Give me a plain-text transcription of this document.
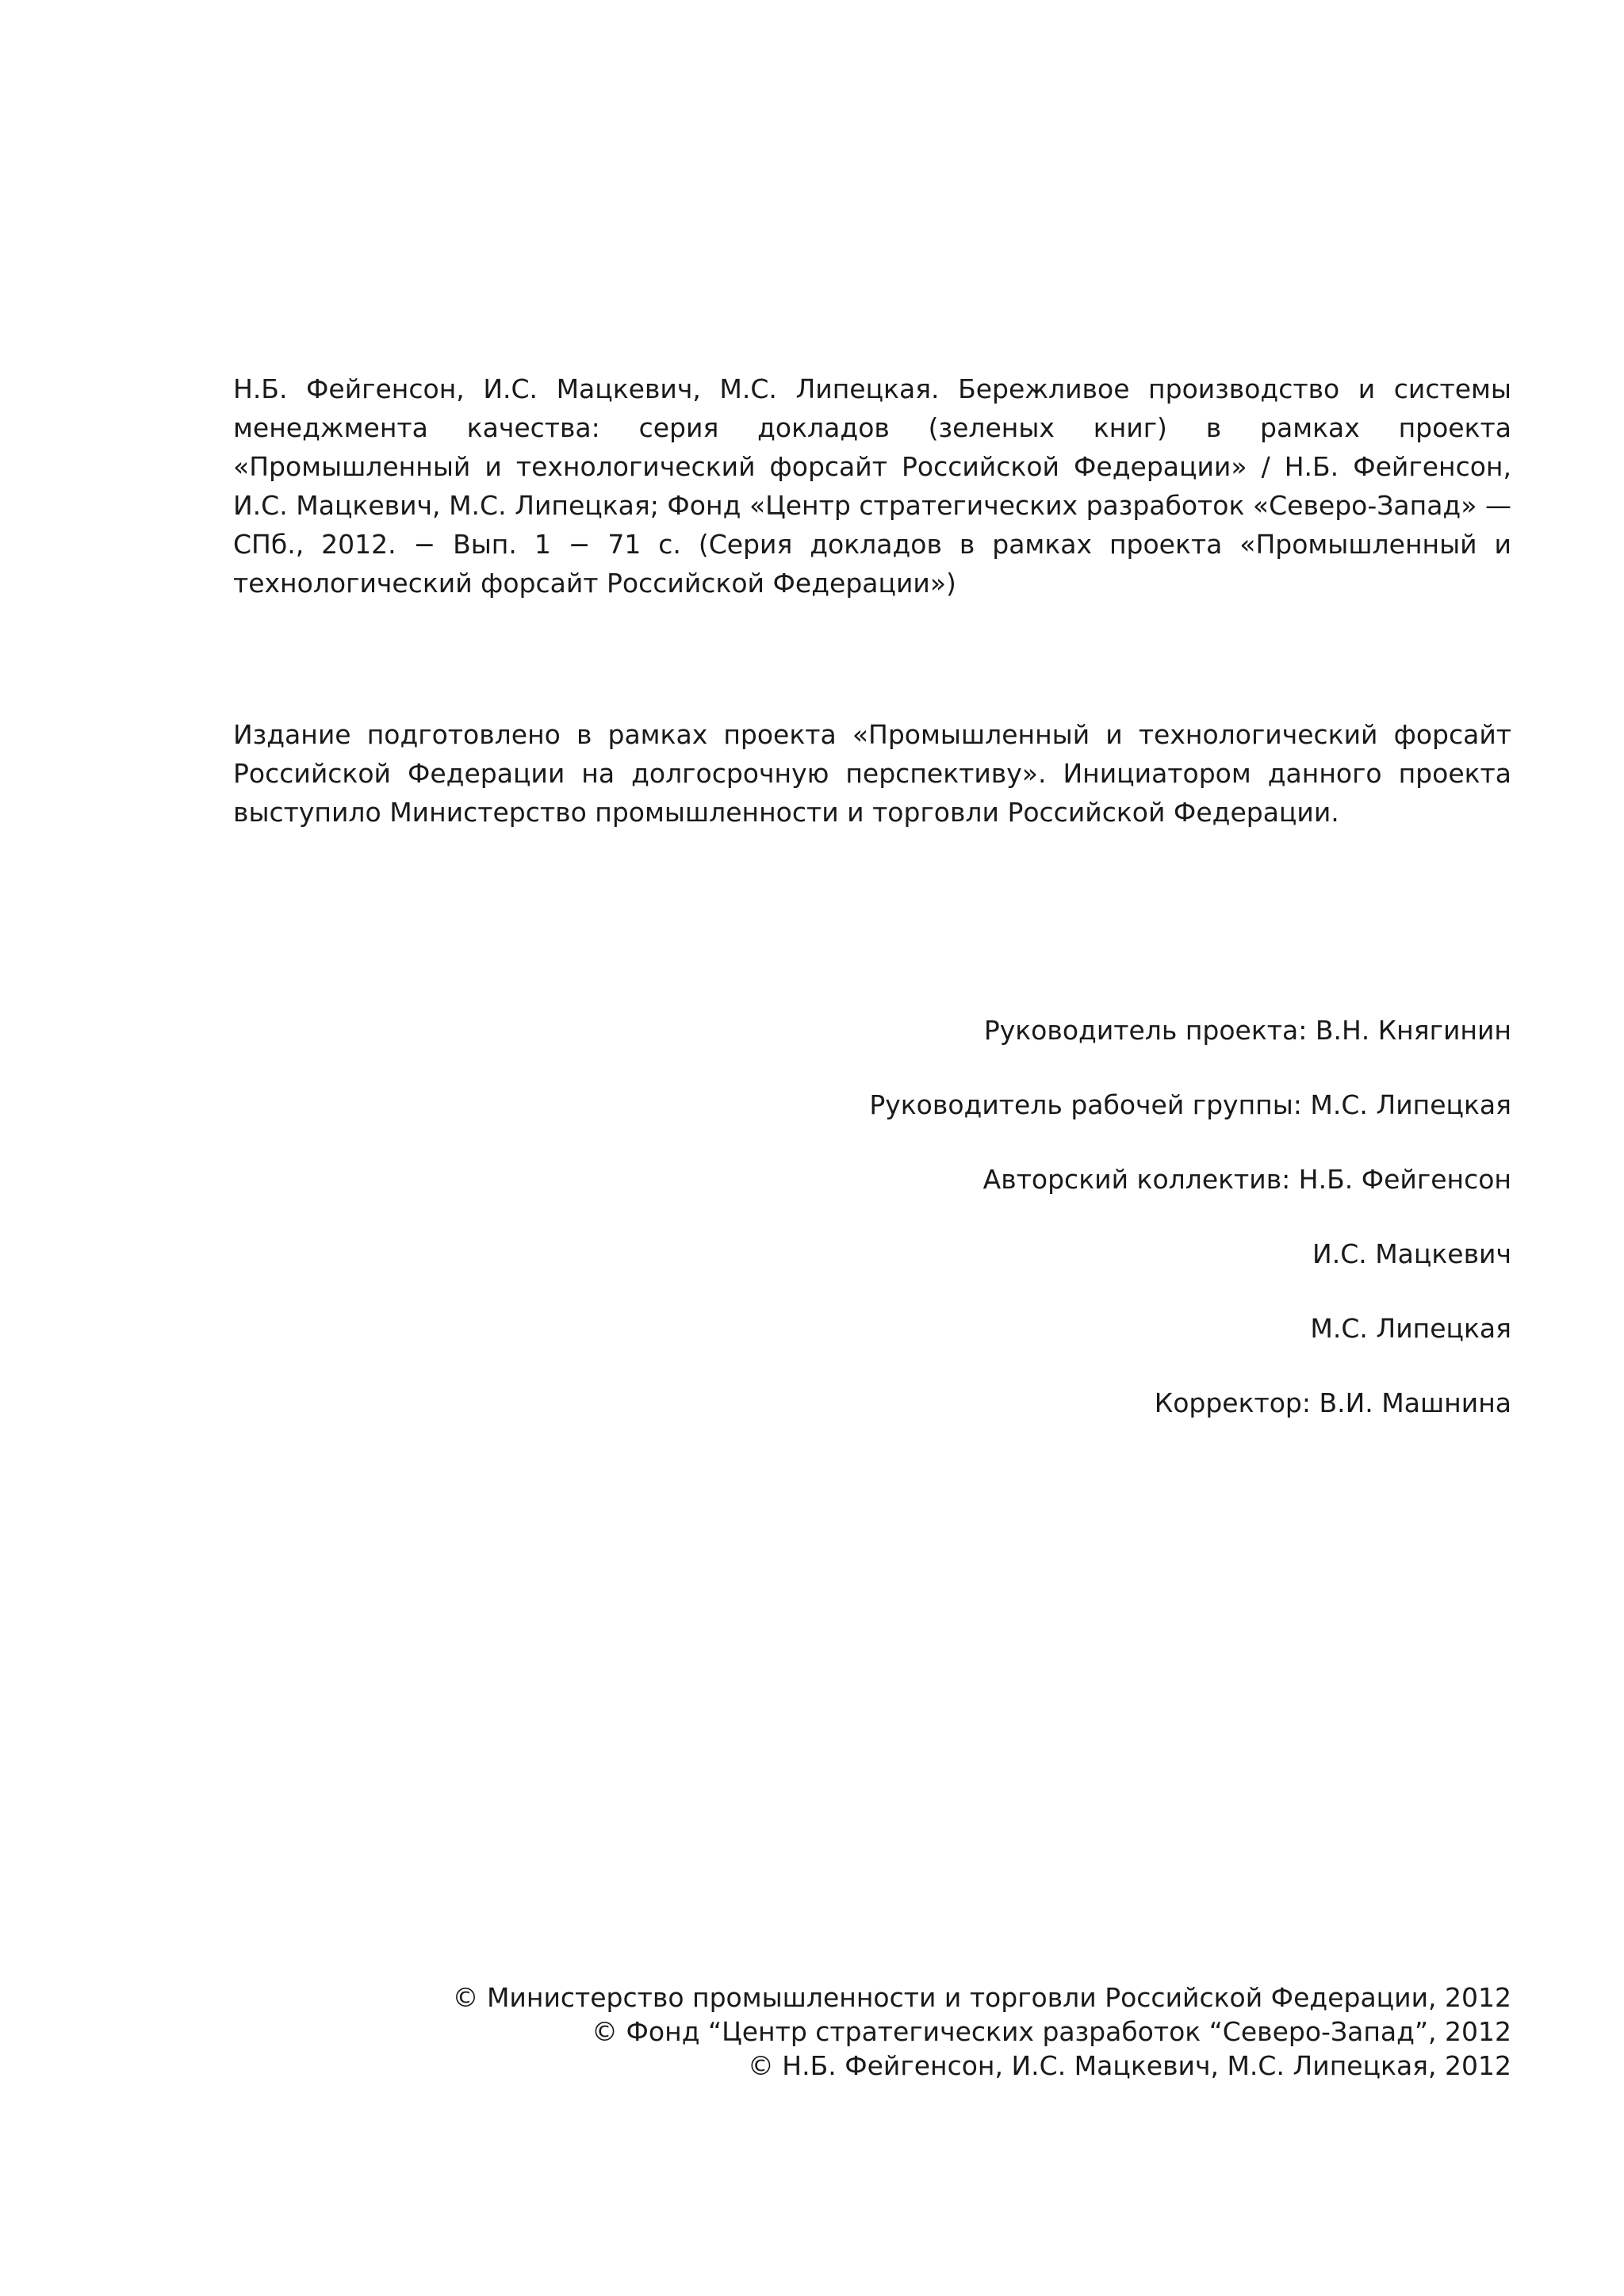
Н.Б. Фейгенсон, И.С. Мацкевич, М.С. Липецкая. Бережливое производство и системы менеджмента качества: серия докладов (зеленых книг) в рамках проекта «Промышленный и технологический форсайт Российской Федерации» / Н.Б. Фейгенсон, И.С. Мацкевич, М.С. Липецкая; Фонд «Центр стратегических разработок «Северо-Запад» — СПб., 2012. − Вып. 1 − 71 с. (Серия докладов в рамках проекта «Промышленный и технологический форсайт Российской Федерации»)

Издание подготовлено в рамках проекта «Промышленный и технологический форсайт Российской Федерации на долгосрочную перспективу». Инициатором данного проекта выступило Министерство промышленности и торговли Российской Федерации.

Руководитель проекта: В.Н. Княгинин
Руководитель рабочей группы: М.С. Липецкая
Авторский коллектив: Н.Б. Фейгенсон
И.С. Мацкевич
М.С. Липецкая
Корректор: В.И. Машнина
© Министерство промышленности и торговли Российской Федерации, 2012
© Фонд “Центр стратегических разработок “Северо-Запад”, 2012
© Н.Б. Фейгенсон, И.С. Мацкевич, М.С. Липецкая, 2012
